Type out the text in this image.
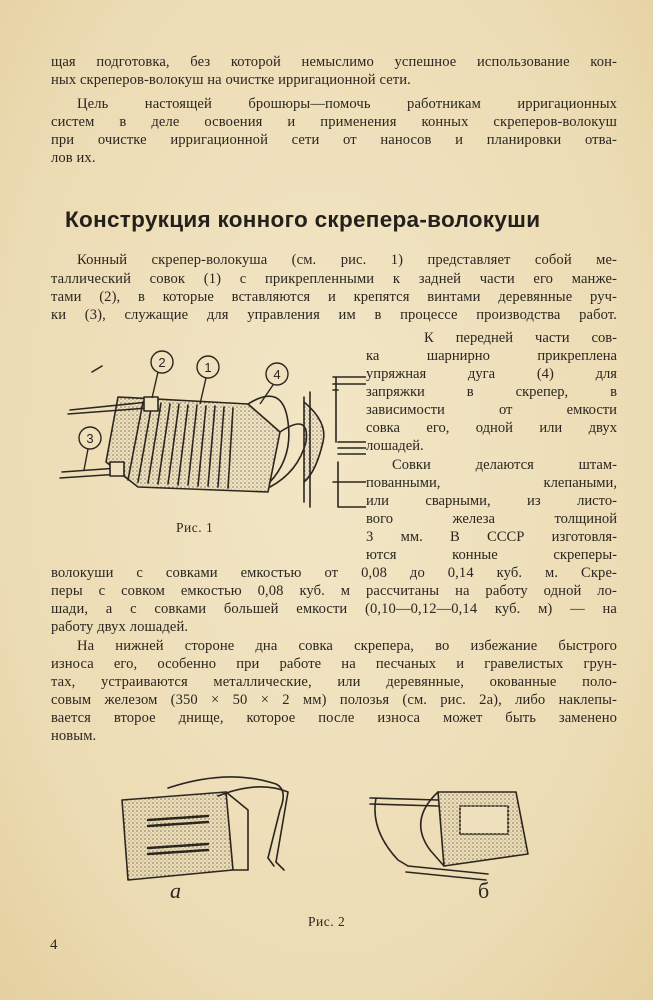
щая подготовка, без которой немыслимо успешное использование кон-

ных скреперов-волокуш на очистке ирригационной сети.

Цель настоящей брошюры—помочь работникам ирригационных

систем в деле освоения и применения конных скреперов-волокуш

при очистке ирригационной сети от наносов и планировки отва-

лов их.

Конструкция конного скрепера-волокуши

Конный скрепер-волокуша (см. рис. 1) представляет собой ме-

таллический совок (1) с прикрепленными к задней части его манже-

тами (2), в которые вставляются и крепятся винтами деревянные руч-

ки (3), служащие для управления им в процессе производства работ.

К передней части сов-

ка шарнирно прикреплена

упряжная дуга (4) для

запряжки в скрепер, в

зависимости от емкости

совка его, одной или двух

лошадей.

Совки делаются штам-

пованными, клепаными,

или сварными, из листо-

вого железа толщиной

3 мм. В СССР изготовля-

ются конные скреперы-

2	1	4
3

Рис. 1

волокуши с совками емкостью от 0,08 до 0,14 куб. м. Скре-

перы с совком емкостью 0,08 куб. м рассчитаны на работу одной ло-

шади, а с совками большей емкости (0,10—0,12—0,14 куб. м) — на

работу двух лошадей.

На нижней стороне дна совка скрепера, во избежание быстрого

износа его, особенно при работе на песчаных и гравелистых грун-

тах, устраиваются металлические, или деревянные, окованные поло-

совым железом (350 × 50 × 2 мм) полозья (см. рис. 2а), либо наклепы-

вается второе днище, которое после износа может быть заменено

новым.

а	б

Рис. 2

4
